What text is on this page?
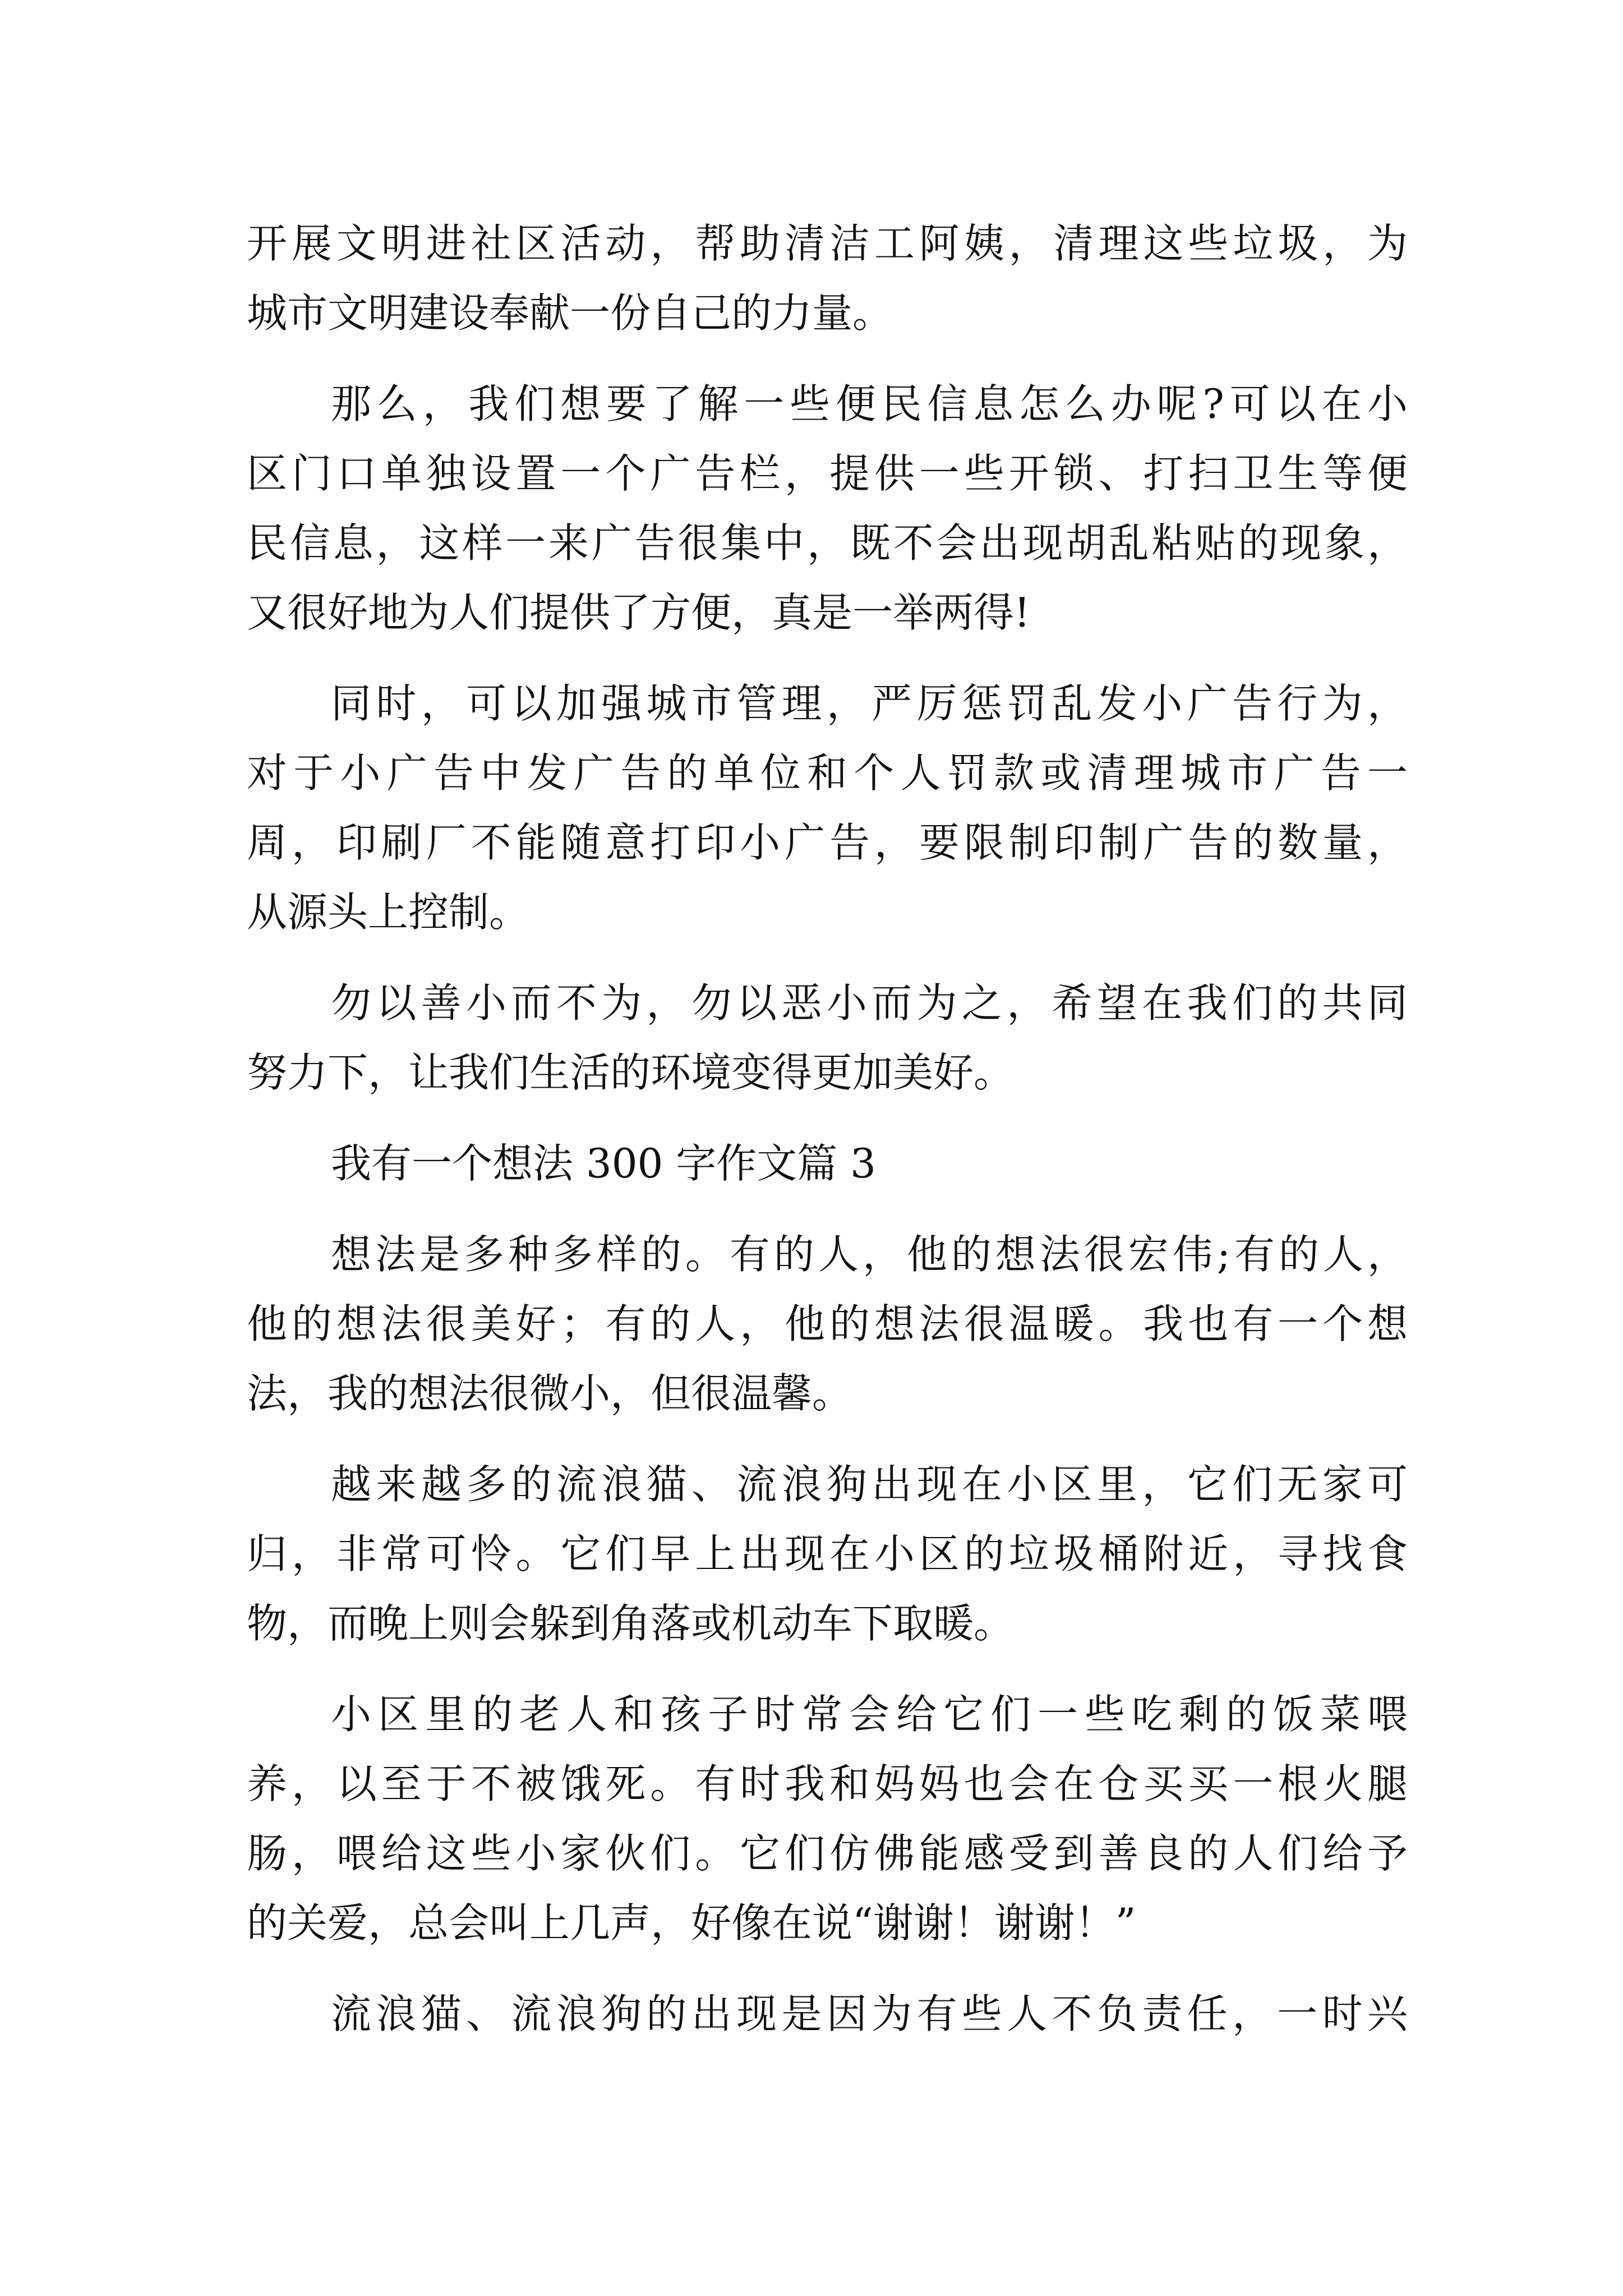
开展文明进社区活动，帮助清洁工阿姨，清理这些垃圾，为
城市文明建设奉献一份自己的力量。
那么，我们想要了解一些便民信息怎么办呢?可以在小
区门口单独设置一个广告栏，提供一些开锁、打扫卫生等便
民信息，这样一来广告很集中，既不会出现胡乱粘贴的现象，
又很好地为人们提供了方便，真是一举两得!
同时，可以加强城市管理，严厉惩罚乱发小广告行为，
对于小广告中发广告的单位和个人罚款或清理城市广告一
周，印刷厂不能随意打印小广告，要限制印制广告的数量，
从源头上控制。
勿以善小而不为，勿以恶小而为之，希望在我们的共同
努力下，让我们生活的环境变得更加美好。
我有一个想法 300 字作文篇 3
想法是多种多样的。有的人，他的想法很宏伟;有的人，
他的想法很美好；有的人，他的想法很温暖。我也有一个想
法，我的想法很微小，但很温馨。
越来越多的流浪猫、流浪狗出现在小区里，它们无家可
归，非常可怜。它们早上出现在小区的垃圾桶附近，寻找食
物，而晚上则会躲到角落或机动车下取暖。
小区里的老人和孩子时常会给它们一些吃剩的饭菜喂
养，以至于不被饿死。有时我和妈妈也会在仓买买一根火腿
肠，喂给这些小家伙们。它们仿佛能感受到善良的人们给予
的关爱，总会叫上几声，好像在说“谢谢！谢谢！”
流浪猫、流浪狗的出现是因为有些人不负责任，一时兴
